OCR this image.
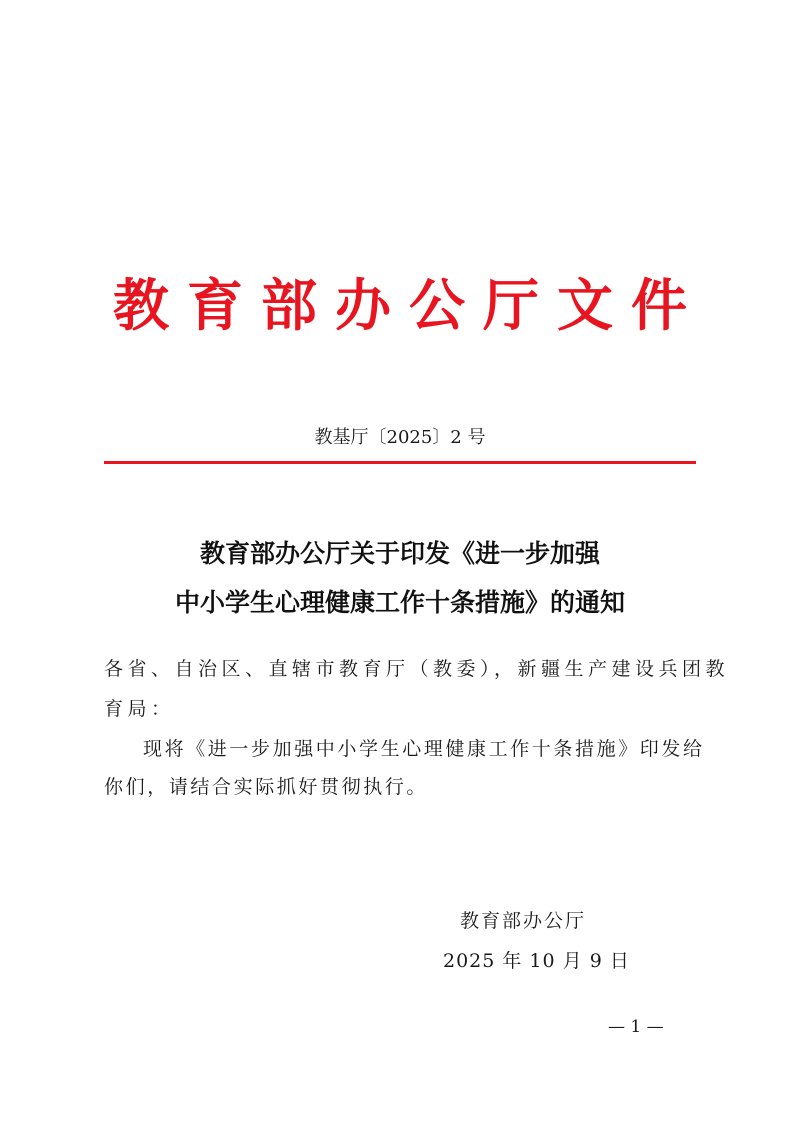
教育部办公厅文件
教基厅〔2025〕2 号
教育部办公厅关于印发《进一步加强
中小学生心理健康工作十条措施》的通知
各省、自治区、直辖市教育厅（教委），新疆生产建设兵团教
育局：
现将《进一步加强中小学生心理健康工作十条措施》印发给
你们，请结合实际抓好贯彻执行。
教育部办公厅
2025 年 10 月 9 日
— 1 —
